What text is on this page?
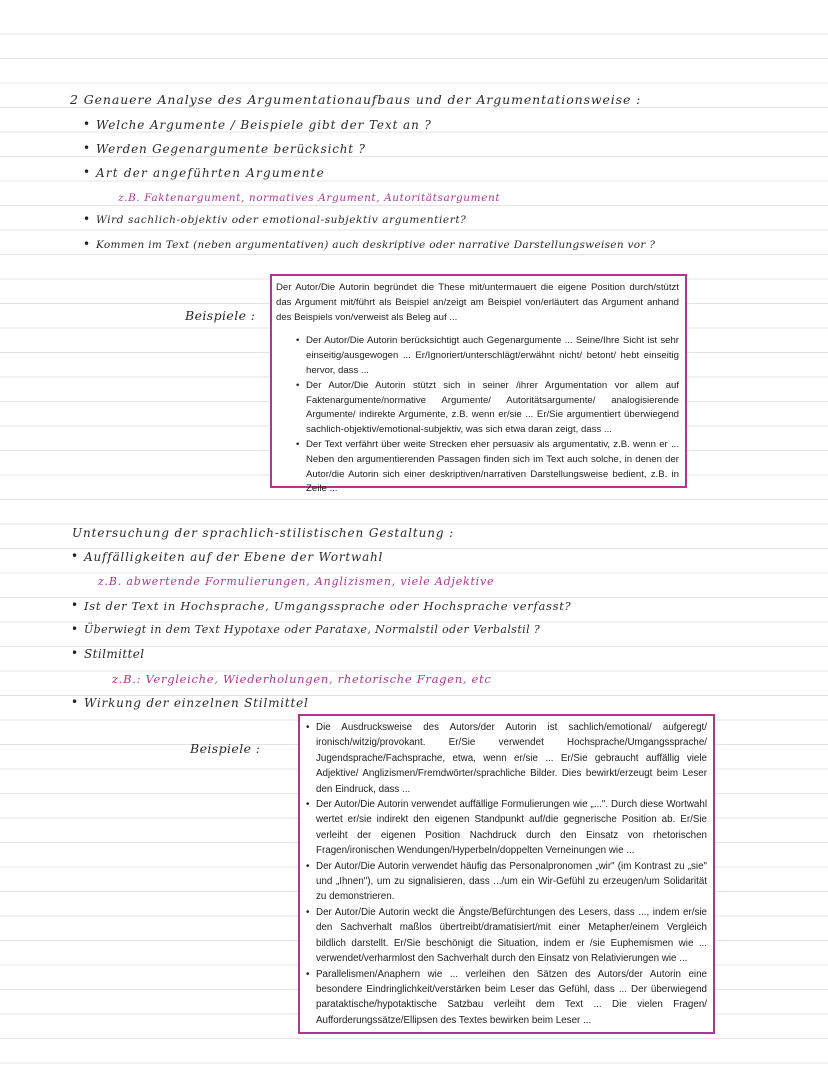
2 Genauere Analyse des Argumentationaufbaus und der Argumentationsweise :

• Welche Argumente / Beispiele gibt der Text an ?

• Werden Gegenargumente berücksicht ?

• Art der angeführten Argumente

z.B. Faktenargument, normatives Argument, Autoritätsargument

• Wird sachlich-objektiv oder emotional-subjektiv argumentiert?

• Kommen im Text (neben argumentativen) auch deskriptive oder narrative Darstellungsweisen vor ?

Beispiele :

Der Autor/Die Autorin begründet die These mit/untermauert die eigene Position durch/stützt das Argument mit/führt als Beispiel an/zeigt am Beispiel von/erläutert das Argument anhand des Beispiels von/verweist als Beleg auf ...

• Der Autor/Die Autorin berücksichtigt auch Gegenargumente ... Seine/Ihre Sicht ist sehr einseitig/ausgewogen ... Er/Ignoriert/unterschlägt/erwähnt nicht/ betont/ hebt einseitig hervor, dass ...
• Der Autor/Die Autorin stützt sich in seiner /ihrer Argumentation vor allem auf Faktenargumente/normative Argumente/ Autoritätsargumente/ analogisierende Argumente/ indirekte Argumente, z.B. wenn er/sie ... Er/Sie argumentiert überwiegend sachlich-objektiv/emotional-subjektiv, was sich etwa daran zeigt, dass ...
• Der Text verfährt über weite Strecken eher persuasiv als argumentativ, z.B. wenn er ... Neben den argumentierenden Passagen finden sich im Text auch solche, in denen der Autor/die Autorin sich einer deskriptiven/narrativen Darstellungsweise bedient, z.B. in Zeile ...

Untersuchung der sprachlich-stilistischen Gestaltung :

• Auffälligkeiten auf der Ebene der Wortwahl

z.B. abwertende Formulierungen, Anglizismen, viele Adjektive

• Ist der Text in Hochsprache, Umgangssprache oder Hochsprache verfasst?

• Überwiegt in dem Text Hypotaxe oder Parataxe, Normalstil oder Verbalstil ?

• Stilmittel

z.B.: Vergleiche, Wiederholungen, rhetorische Fragen, etc

• Wirkung der einzelnen Stilmittel

Beispiele :

• Die Ausdrucksweise des Autors/der Autorin ist sachlich/emotional/ aufgeregt/ ironisch/witzig/provokant. Er/Sie verwendet Hochsprache/Umgangssprache/ Jugendsprache/Fachsprache, etwa, wenn er/sie ... Er/Sie gebraucht auffällig viele Adjektive/ Anglizismen/Fremdwörter/sprachliche Bilder. Dies bewirkt/erzeugt beim Leser den Eindruck, dass ...
• Der Autor/Die Autorin verwendet auffällige Formulierungen wie „...". Durch diese Wortwahl wertet er/sie indirekt den eigenen Standpunkt auf/die gegnerische Position ab. Er/Sie verleiht der eigenen Position Nachdruck durch den Einsatz von rhetorischen Fragen/ironischen Wendungen/Hyperbeln/doppelten Verneinungen wie ...
• Der Autor/Die Autorin verwendet häufig das Personalpronomen „wir" (im Kontrast zu „sie" und „Ihnen"), um zu signalisieren, dass .../um ein Wir-Gefühl zu erzeugen/um Solidarität zu demonstrieren.
• Der Autor/Die Autorin weckt die Ängste/Befürchtungen des Lesers, dass ..., indem er/sie den Sachverhalt maßlos übertreibt/dramatisiert/mit einer Metapher/einem Vergleich bildlich darstellt. Er/Sie beschönigt die Situation, indem er /sie Euphemismen wie ... verwendet/verharmlost den Sachverhalt durch den Einsatz von Relativierungen wie ...
• Parallelismen/Anaphern wie ... verleihen den Sätzen des Autors/der Autorin eine besondere Eindringlichkeit/verstärken beim Leser das Gefühl, dass ... Der überwiegend parataktische/hypotaktische Satzbau verleiht dem Text ... Die vielen Fragen/ Aufforderungssätze/Ellipsen des Textes bewirken beim Leser ...
